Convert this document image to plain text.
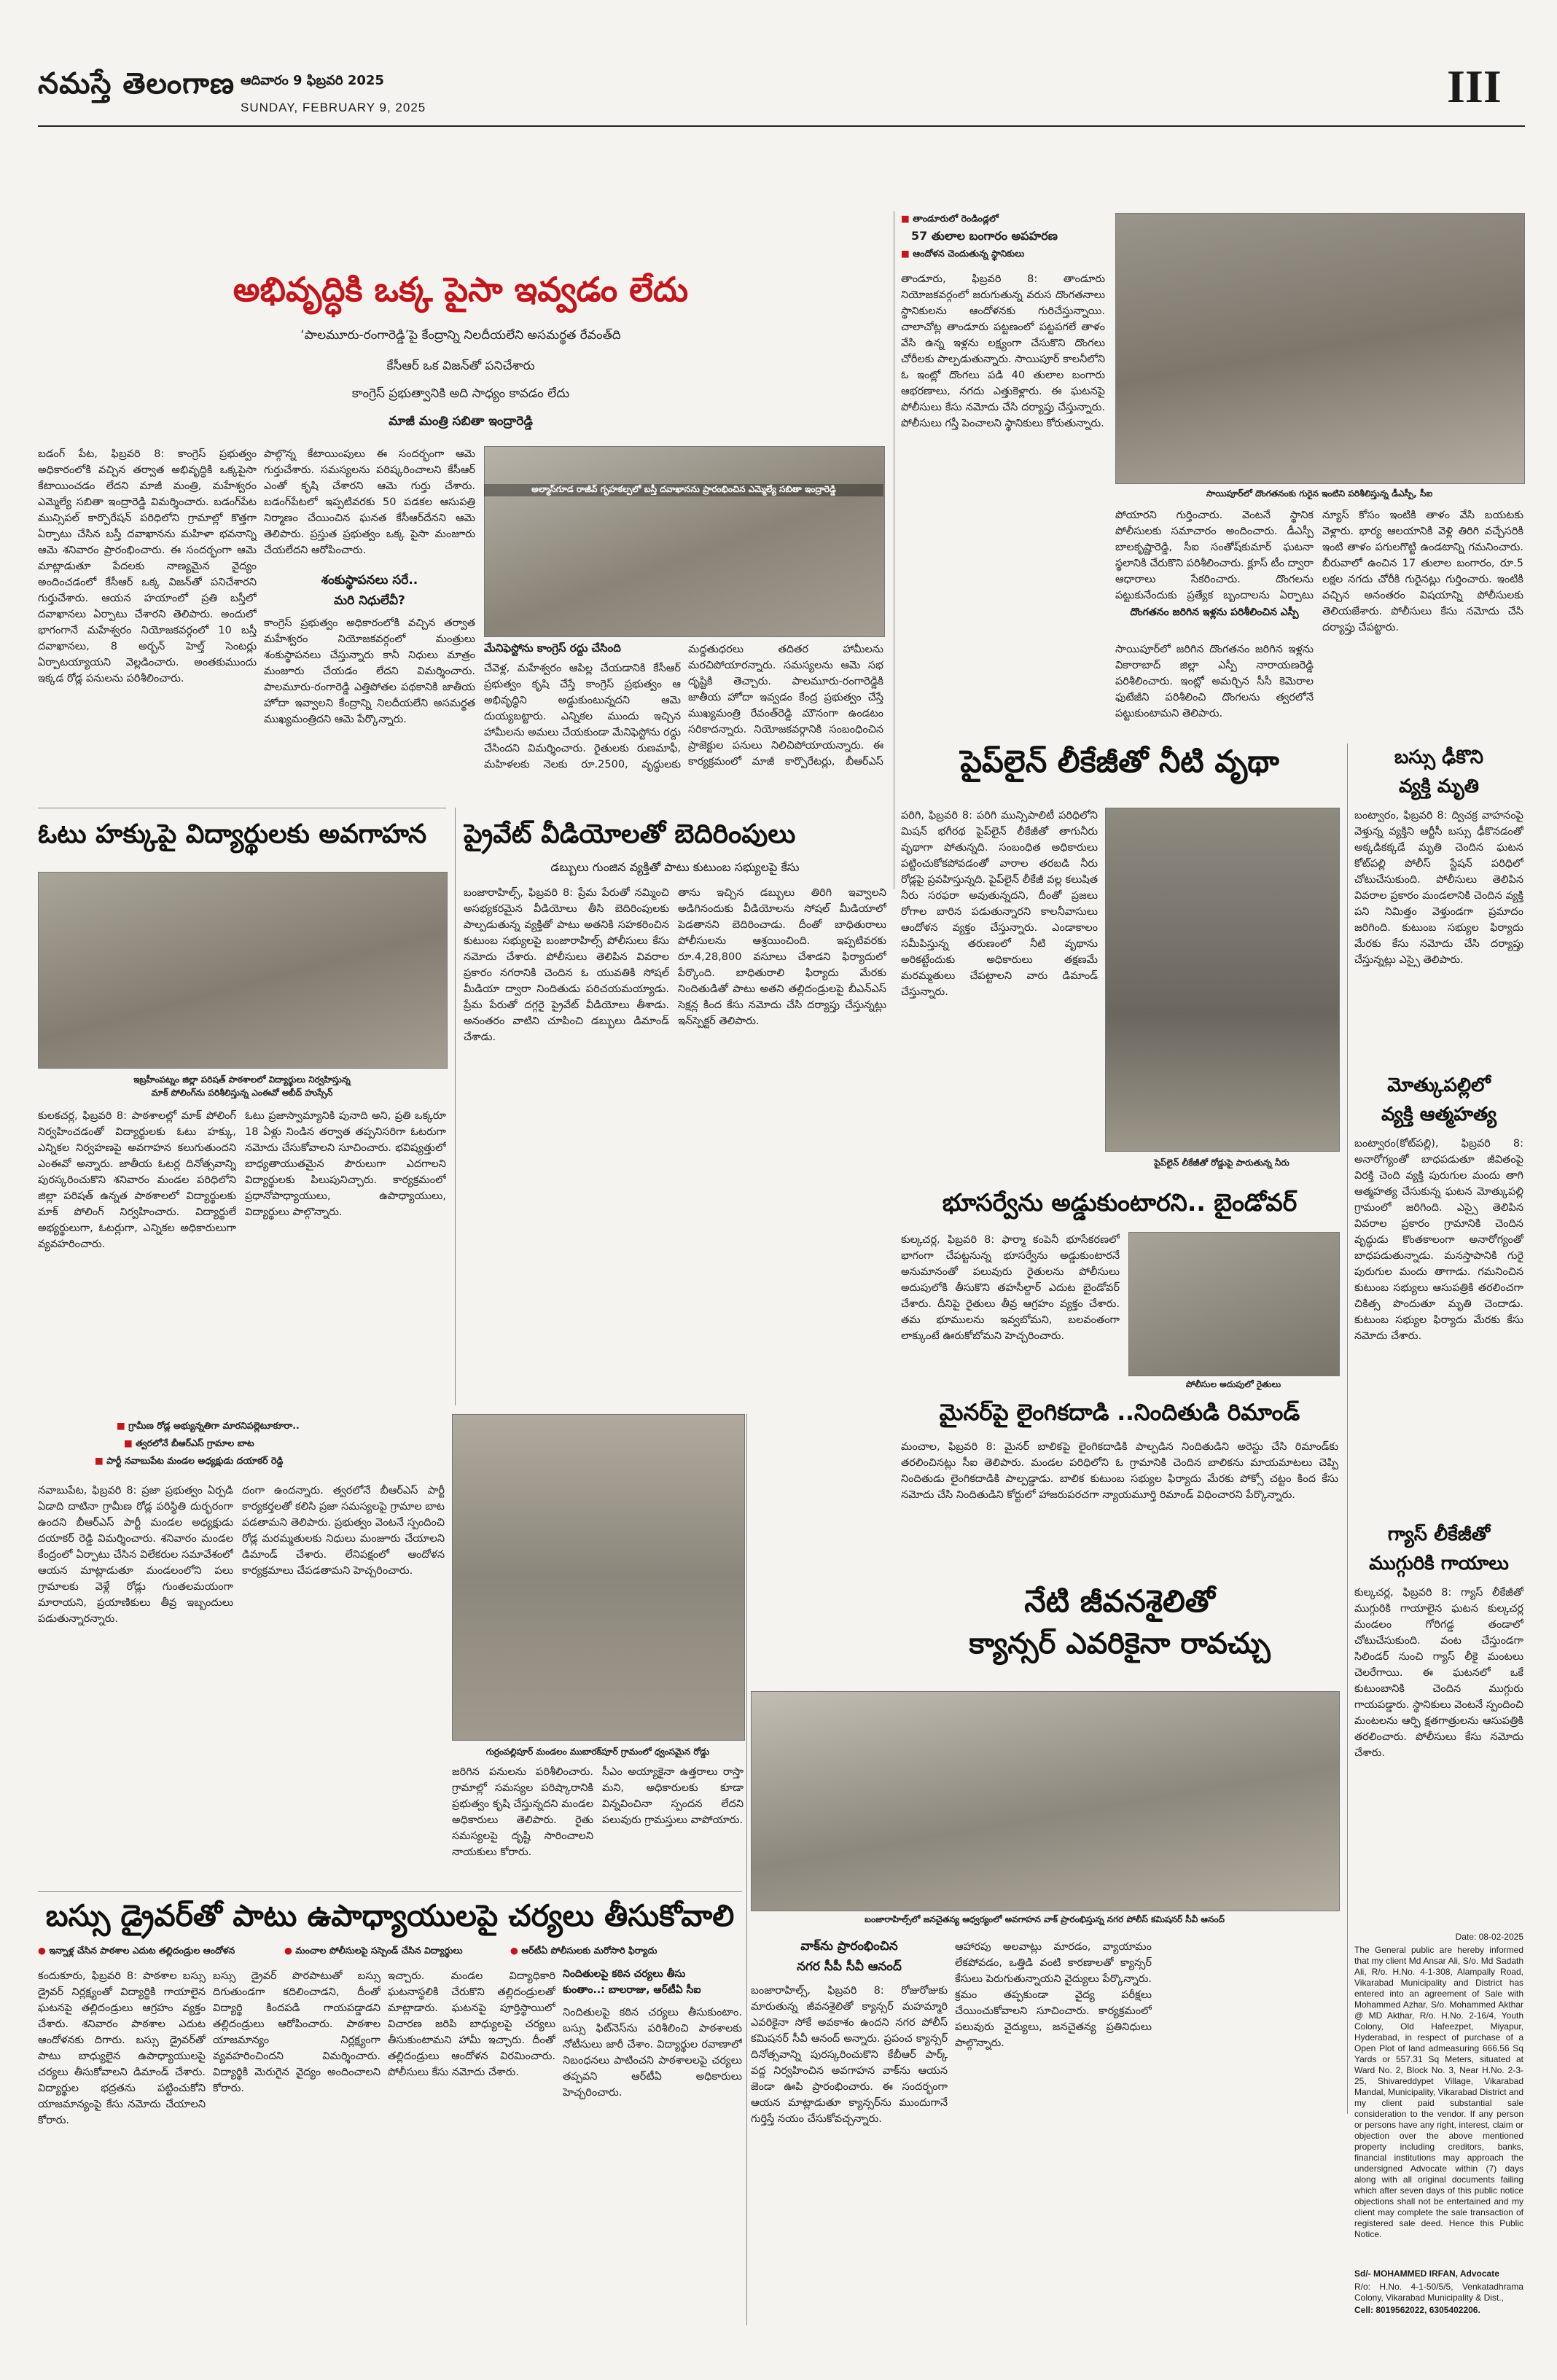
నమస్తే తెలంగాణ ఆదివారం 9 ఫిబ్రవరి 2025
SUNDAY, FEBRUARY 9, 2025	III
అభివృద్ధికి ఒక్క పైసా ఇవ్వడం లేదు
‘పాలమూరు-రంగారెడ్డి’పై కేంద్రాన్ని నిలదీయలేని అసమర్థత రేవంత్‌ది
కేసీఆర్ ఒక విజన్‌తో పనిచేశారు
కాంగ్రెస్ ప్రభుత్వానికి అది సాధ్యం కావడం లేదు
మాజీ మంత్రి సబితా ఇంద్రారెడ్డి
బడంగ్ పేట, ఫిబ్రవరి 8: కాంగ్రెస్ ప్రభుత్వం అధికారంలోకి వచ్చిన తర్వాత అభివృద్ధికి ఒక్కపైసా కేటాయించడం లేదని మాజీ మంత్రి, మహేశ్వరం ఎమ్మెల్యే సబితా ఇంద్రారెడ్డి విమర్శించారు. బడంగ్‌పేట మున్సిపల్ కార్పొరేషన్ పరిధిలోని గ్రామాల్లో కొత్తగా ఏర్పాటు చేసిన బస్తీ దవాఖానను మహిళా భవనాన్ని ఆమె శనివారం ప్రారంభించారు. ఈ సందర్భంగా ఆమె మాట్లాడుతూ పేదలకు నాణ్యమైన వైద్యం అందించడంలో కేసీఆర్ ఒక్క విజన్‌తో పనిచేశారని గుర్తుచేశారు. ఆయన హయాంలో ప్రతి బస్తీలో దవాఖానలు ఏర్పాటు చేశారని తెలిపారు. అందులో భాగంగానే మహేశ్వరం నియోజకవర్గంలో 10 బస్తీ దవాఖానలు, 8 అర్బన్ హెల్త్ సెంటర్లు ఏర్పాటయ్యాయని వెల్లడించారు. అంతకుముందు ఇక్కడ రోడ్ల పనులను పరిశీలించారు.
పాల్గొన్న కేటాయింపులు ఈ సందర్భంగా ఆమె గుర్తుచేశారు. సమస్యలను పరిష్కరించాలని కేసీఆర్ ఎంతో కృషి చేశారని ఆమె గుర్తు చేశారు. బడంగ్‌పేటలో ఇప్పటివరకు 50 పడకల ఆసుపత్రి నిర్మాణం చేయించిన ఘనత కేసీఆర్‌దేనని ఆమె తెలిపారు. ప్రస్తుత ప్రభుత్వం ఒక్క పైసా మంజూరు చేయలేదని ఆరోపించారు.
శంకుస్థాపనలు సరే..
మరి నిధులేవీ?
కాంగ్రెస్ ప్రభుత్వం అధికారంలోకి వచ్చిన తర్వాత మహేశ్వరం నియోజకవర్గంలో మంత్రులు శంకుస్థాపనలు చేస్తున్నారు కానీ నిధులు మాత్రం మంజూరు చేయడం లేదని విమర్శించారు. పాలమూరు-రంగారెడ్డి ఎత్తిపోతల పథకానికి జాతీయ హోదా ఇవ్వాలని కేంద్రాన్ని నిలదీయలేని అసమర్థత ముఖ్యమంత్రిదని ఆమె పేర్కొన్నారు.
అల్మాస్‌గూడ రాజీవ్ గృహకల్పలో బస్తీ దవాఖానను ప్రారంభించిన ఎమ్మెల్యే సబితా ఇంద్రారెడ్డి
మేనిఫెస్టోను కాంగ్రెస్ రద్దు చేసింది
చేవెళ్ల, మహేశ్వరం ఆపిల్ల చేయడానికి కేసీఆర్ ప్రభుత్వం కృషి చేస్తే కాంగ్రెస్ ప్రభుత్వం ఆ అభివృద్ధిని అడ్డుకుంటున్నదని ఆమె దుయ్యబట్టారు. ఎన్నికల ముందు ఇచ్చిన హామీలను అమలు చేయకుండా మేనిఫెస్టోను రద్దు చేసిందని విమర్శించారు. రైతులకు రుణమాఫీ, మహిళలకు నెలకు రూ.2500, వృద్ధులకు
మద్దతుధరలు తదితర హామీలను మరచిపోయారన్నారు. సమస్యలను ఆమె సభ దృష్టికి తెచ్చారు. పాలమూరు-రంగారెడ్డికి జాతీయ హోదా ఇవ్వడం కేంద్ర ప్రభుత్వం చేస్తే ముఖ్యమంత్రి రేవంత్‌రెడ్డి మౌనంగా ఉండటం సరికాదన్నారు. నియోజకవర్గానికి సంబంధించిన ప్రాజెక్టుల పనులు నిలిచిపోయాయన్నారు. ఈ కార్యక్రమంలో మాజీ కార్పొరేటర్లు, బీఆర్ఎస్
■ తాండూరులో రెండిండ్లలో
57 తులాల బంగారం అపహరణ
■ ఆందోళన చెందుతున్న స్థానికులు
తాండూరు, ఫిబ్రవరి 8: తాండూరు నియోజకవర్గంలో జరుగుతున్న వరుస దొంగతనాలు స్థానికులను ఆందోళనకు గురిచేస్తున్నాయి. చాలాచోట్ల తాండూరు పట్టణంలో పట్టపగలే తాళం వేసి ఉన్న ఇళ్లను లక్ష్యంగా చేసుకొని దొంగలు చోరీలకు పాల్పడుతున్నారు. సాయిపూర్ కాలనీలోని ఓ ఇంట్లో దొంగలు పడి 40 తులాల బంగారు ఆభరణాలు, నగదు ఎత్తుకెళ్లారు. ఈ ఘటనపై పోలీసులు కేసు నమోదు చేసి దర్యాప్తు చేస్తున్నారు. పోలీసులు గస్తీ పెంచాలని స్థానికులు కోరుతున్నారు.
సాయిపూర్‌లో దొంగతనంకు గురైన ఇంటిని పరిశీలిస్తున్న డీఎస్పీ, సీఐ
పోయారని గుర్తించారు. వెంటనే స్థానిక పోలీసులకు సమాచారం అందించారు. డీఎస్పీ బాలకృష్ణారెడ్డి, సీఐ సంతోష్‌కుమార్ ఘటనా స్థలానికి చేరుకొని పరిశీలించారు. క్లూస్ టీం ద్వారా ఆధారాలు సేకరించారు. దొంగలను పట్టుకునేందుకు ప్రత్యేక బృందాలను ఏర్పాటు
దొంగతనం జరిగిన ఇళ్లను పరిశీలించిన ఎస్పీ
సాయిపూర్‌లో జరిగిన దొంగతనం జరిగిన ఇళ్లను వికారాబాద్ జిల్లా ఎస్పీ నారాయణరెడ్డి పరిశీలించారు. ఇంట్లో అమర్చిన సీసీ కెమెరాల ఫుటేజీని పరిశీలించి దొంగలను త్వరలోనే పట్టుకుంటామని తెలిపారు.
న్యూస్ కోసం ఇంటికి తాళం వేసి బయటకు వెళ్లారు. భార్య ఆలయానికి వెళ్లి తిరిగి వచ్చేసరికి ఇంటి తాళం పగులగొట్టి ఉండటాన్ని గమనించారు. బీరువాలో ఉంచిన 17 తులాల బంగారం, రూ.5 లక్షల నగదు చోరీకి గురైనట్లు గుర్తించారు. ఇంటికి వచ్చిన అనంతరం విషయాన్ని పోలీసులకు తెలియజేశారు. పోలీసులు కేసు నమోదు చేసి దర్యాప్తు చేపట్టారు.
పైప్‌లైన్ లీకేజీతో నీటి వృథా
పరిగి, ఫిబ్రవరి 8: పరిగి మున్సిపాలిటీ పరిధిలోని మిషన్ భగీరథ పైప్‌లైన్ లీకేజీతో తాగునీరు వృథాగా పోతున్నది. సంబంధిత అధికారులు పట్టించుకోకపోవడంతో వారాల తరబడి నీరు రోడ్లపై ప్రవహిస్తున్నది. పైప్‌లైన్ లీకేజీ వల్ల కలుషిత నీరు సరఫరా అవుతున్నదని, దీంతో ప్రజలు రోగాల బారిన పడుతున్నారని కాలనీవాసులు ఆందోళన వ్యక్తం చేస్తున్నారు. ఎండాకాలం సమీపిస్తున్న తరుణంలో నీటి వృథాను అరికట్టేందుకు అధికారులు తక్షణమే మరమ్మతులు చేపట్టాలని వారు డిమాండ్ చేస్తున్నారు.
పైప్‌లైన్ లీకేజీతో రోడ్డుపై పారుతున్న నీరు
బస్సు ఢీకొని
వ్యక్తి మృతి
బంట్వారం, ఫిబ్రవరి 8: ద్విచక్ర వాహనంపై వెళ్తున్న వ్యక్తిని ఆర్టీసీ బస్సు ఢీకొనడంతో అక్కడికక్కడే మృతి చెందిన ఘటన కోట్‌పల్లి పోలీస్ స్టేషన్ పరిధిలో చోటుచేసుకుంది. పోలీసులు తెలిపిన వివరాల ప్రకారం మండలానికి చెందిన వ్యక్తి పని నిమిత్తం వెళ్తుండగా ప్రమాదం జరిగింది. కుటుంబ సభ్యుల ఫిర్యాదు మేరకు కేసు నమోదు చేసి దర్యాప్తు చేస్తున్నట్లు ఎస్సై తెలిపారు.
మోత్కుపల్లిలో
వ్యక్తి ఆత్మహత్య
బంట్వారం(కోట్‌పల్లి), ఫిబ్రవరి 8: అనారోగ్యంతో బాధపడుతూ జీవితంపై విరక్తి చెంది వ్యక్తి పురుగుల మందు తాగి ఆత్మహత్య చేసుకున్న ఘటన మోత్కుపల్లి గ్రామంలో జరిగింది. ఎస్సై తెలిపిన వివరాల ప్రకారం గ్రామానికి చెందిన వృద్ధుడు కొంతకాలంగా అనారోగ్యంతో బాధపడుతున్నాడు. మనస్తాపానికి గురై పురుగుల మందు తాగాడు. గమనించిన కుటుంబ సభ్యులు ఆసుపత్రికి తరలించగా చికిత్స పొందుతూ మృతి చెందాడు. కుటుంబ సభ్యుల ఫిర్యాదు మేరకు కేసు నమోదు చేశారు.
గ్యాస్ లీకేజీతో
ముగ్గురికి గాయాలు
కుల్కచర్ల, ఫిబ్రవరి 8: గ్యాస్ లీకేజీతో ముగ్గురికి గాయాలైన ఘటన కుల్కచర్ల మండలం గోరిగడ్డ తండాలో చోటుచేసుకుంది. వంట చేస్తుండగా సిలిండర్ నుంచి గ్యాస్ లీకై మంటలు చెలరేగాయి. ఈ ఘటనలో ఒకే కుటుంబానికి చెందిన ముగ్గురు గాయపడ్డారు. స్థానికులు వెంటనే స్పందించి మంటలను ఆర్పి క్షతగాత్రులను ఆసుపత్రికి తరలించారు. పోలీసులు కేసు నమోదు చేశారు.
భూసర్వేను అడ్డుకుంటారని.. బైండోవర్
కుల్కచర్ల, ఫిబ్రవరి 8: ఫార్మా కంపెనీ భూసేకరణలో భాగంగా చేపట్టనున్న భూసర్వేను అడ్డుకుంటారనే అనుమానంతో పలువురు రైతులను పోలీసులు అదుపులోకి తీసుకొని తహసీల్దార్ ఎదుట బైండోవర్ చేశారు. దీనిపై రైతులు తీవ్ర ఆగ్రహం వ్యక్తం చేశారు. తమ భూములను ఇవ్వబోమని, బలవంతంగా లాక్కుంటే ఊరుకోబోమని హెచ్చరించారు.
పోలీసుల అదుపులో రైతులు
మైనర్‌పై లైంగికదాడి ..నిందితుడి రిమాండ్
మంచాల, ఫిబ్రవరి 8: మైనర్ బాలికపై లైంగికదాడికి పాల్పడిన నిందితుడిని అరెస్టు చేసి రిమాండ్‌కు తరలించినట్లు సీఐ తెలిపారు. మండల పరిధిలోని ఓ గ్రామానికి చెందిన బాలికను మాయమాటలు చెప్పి నిందితుడు లైంగికదాడికి పాల్పడ్డాడు. బాలిక కుటుంబ సభ్యుల ఫిర్యాదు మేరకు పోక్సో చట్టం కింద కేసు నమోదు చేసి నిందితుడిని కోర్టులో హాజరుపరచగా న్యాయమూర్తి రిమాండ్ విధించారని పేర్కొన్నారు.
నేటి జీవనశైలితో
క్యాన్సర్ ఎవరికైనా రావచ్చు
బంజారాహిల్స్‌లో జనచైతన్య ఆధ్వర్యంలో అవగాహన వాక్ ప్రారంభిస్తున్న నగర పోలీస్ కమిషనర్ సీవీ ఆనంద్
వాక్‌ను ప్రారంభించిన
నగర సీపీ సీవీ ఆనంద్
బంజారాహిల్స్, ఫిబ్రవరి 8: రోజురోజుకు మారుతున్న జీవనశైలితో క్యాన్సర్ మహమ్మారి ఎవరికైనా సోకే అవకాశం ఉందని నగర పోలీస్ కమిషనర్ సీవీ ఆనంద్ అన్నారు. ప్రపంచ క్యాన్సర్ దినోత్సవాన్ని పురస్కరించుకొని కేబీఆర్ పార్క్ వద్ద నిర్వహించిన అవగాహన వాక్‌ను ఆయన జెండా ఊపి ప్రారంభించారు. ఈ సందర్భంగా ఆయన మాట్లాడుతూ క్యాన్సర్‌ను ముందుగానే గుర్తిస్తే నయం చేసుకోవచ్చన్నారు.
ఆహారపు అలవాట్లు మారడం, వ్యాయామం లేకపోవడం, ఒత్తిడి వంటి కారణాలతో క్యాన్సర్ కేసులు పెరుగుతున్నాయని వైద్యులు పేర్కొన్నారు. క్రమం తప్పకుండా వైద్య పరీక్షలు చేయించుకోవాలని సూచించారు. కార్యక్రమంలో పలువురు వైద్యులు, జనచైతన్య ప్రతినిధులు పాల్గొన్నారు.
Date: 08-02-2025
The General public are hereby informed that my client Md Ansar Ali, S/o. Md Sadath Ali, R/o. H.No. 4-1-308, Alampally Road, Vikarabad Municipality and District has entered into an agreement of Sale with Mohammed Azhar, S/o. Mohammed Akthar @ MD Akthar, R/o. H.No. 2-16/4, Youth Colony, Old Hafeezpet, Miyapur, Hyderabad, in respect of purchase of a Open Plot of land admeasuring 666.56 Sq Yards or 557.31 Sq Meters, situated at Ward No. 2, Block No. 3, Near H.No. 2-3-25, Shivareddypet Village, Vikarabad Mandal, Municipality, Vikarabad District and my client paid substantial sale consideration to the vendor. If any person or persons have any right, interest, claim or objection over the above mentioned property including creditors, banks, financial institutions may approach the undersigned Advocate within (7) days along with all original documents failing which after seven days of this public notice objections shall not be entertained and my client may complete the sale transaction of registered sale deed. Hence this Public Notice.
Sd/- MOHAMMED IRFAN, Advocate
R/o: H.No. 4-1-50/5/5, Venkatadhrama Colony, Vikarabad Municipality & Dist.,
Cell: 8019562022, 6305402206.
ఓటు హక్కుపై విద్యార్థులకు అవగాహన
ఇబ్రహీంపట్నం జిల్లా పరిషత్ పాఠశాలలో విద్యార్థులు నిర్వహిస్తున్న
మాక్ పోలింగ్‌ను పరిశీలిస్తున్న ఎంఈవో అబీద్ హుస్సేన్
కులకచర్ల, ఫిబ్రవరి 8: పాఠశాలల్లో మాక్ పోలింగ్ నిర్వహించడంతో విద్యార్థులకు ఓటు హక్కు, ఎన్నికల నిర్వహణపై అవగాహన కలుగుతుందని ఎంఈవో అన్నారు. జాతీయ ఓటర్ల దినోత్సవాన్ని పురస్కరించుకొని శనివారం మండల పరిధిలోని జిల్లా పరిషత్ ఉన్నత పాఠశాలలో విద్యార్థులకు మాక్ పోలింగ్ నిర్వహించారు. విద్యార్థులే అభ్యర్థులుగా, ఓటర్లుగా, ఎన్నికల అధికారులుగా వ్యవహరించారు.
ఓటు ప్రజాస్వామ్యానికి పునాది అని, ప్రతి ఒక్కరూ 18 ఏళ్లు నిండిన తర్వాత తప్పనిసరిగా ఓటరుగా నమోదు చేసుకోవాలని సూచించారు. భవిష్యత్తులో బాధ్యతాయుతమైన పౌరులుగా ఎదగాలని విద్యార్థులకు పిలుపునిచ్చారు. కార్యక్రమంలో ప్రధానోపాధ్యాయులు, ఉపాధ్యాయులు, విద్యార్థులు పాల్గొన్నారు.
ప్రైవేట్ వీడియోలతో బెదిరింపులు
డబ్బులు గుంజిన వ్యక్తితో పాటు కుటుంబ సభ్యులపై కేసు
బంజారాహిల్స్, ఫిబ్రవరి 8: ప్రేమ పేరుతో నమ్మించి అసభ్యకరమైన వీడియోలు తీసి బెదిరింపులకు పాల్పడుతున్న వ్యక్తితో పాటు అతనికి సహకరించిన కుటుంబ సభ్యులపై బంజారాహిల్స్ పోలీసులు కేసు నమోదు చేశారు. పోలీసులు తెలిపిన వివరాల ప్రకారం నగరానికి చెందిన ఓ యువతికి సోషల్ మీడియా ద్వారా నిందితుడు పరిచయమయ్యాడు. ప్రేమ పేరుతో దగ్గరై ప్రైవేట్ వీడియోలు తీశాడు. అనంతరం వాటిని చూపించి డబ్బులు డిమాండ్ చేశాడు.
తాను ఇచ్చిన డబ్బులు తిరిగి ఇవ్వాలని అడిగినందుకు వీడియోలను సోషల్ మీడియాలో పెడతానని బెదిరించాడు. దీంతో బాధితురాలు పోలీసులను ఆశ్రయించింది. ఇప్పటివరకు రూ.4,28,800 వసూలు చేశాడని ఫిర్యాదులో పేర్కొంది. బాధితురాలి ఫిర్యాదు మేరకు నిందితుడితో పాటు అతని తల్లిదండ్రులపై బీఎన్ఎస్ సెక్షన్ల కింద కేసు నమోదు చేసి దర్యాప్తు చేస్తున్నట్లు ఇన్‌స్పెక్టర్ తెలిపారు.
■ గ్రామీణ రోడ్ల అభ్యున్నతిగా మారనిపల్లెటూకూరా..
■ త్వరలోనే బీఆర్ఎస్ గ్రామాల బాట
■ పార్టీ నవాబుపేట మండల అధ్యక్షుడు దయాకర్ రెడ్డి
నవాబుపేట, ఫిబ్రవరి 8: ప్రజా ప్రభుత్వం ఏర్పడి ఏడాది దాటినా గ్రామీణ రోడ్ల పరిస్థితి దుర్భరంగా ఉందని బీఆర్ఎస్ పార్టీ మండల అధ్యక్షుడు దయాకర్ రెడ్డి విమర్శించారు. శనివారం మండల కేంద్రంలో ఏర్పాటు చేసిన విలేకరుల సమావేశంలో ఆయన మాట్లాడుతూ మండలంలోని పలు గ్రామాలకు వెళ్లే రోడ్లు గుంతలమయంగా మారాయని, ప్రయాణికులు తీవ్ర ఇబ్బందులు పడుతున్నారన్నారు.
దంగా ఉందన్నారు. త్వరలోనే బీఆర్ఎస్ పార్టీ కార్యకర్తలతో కలిసి ప్రజా సమస్యలపై గ్రామాల బాట పడతామని తెలిపారు. ప్రభుత్వం వెంటనే స్పందించి రోడ్ల మరమ్మతులకు నిధులు మంజూరు చేయాలని డిమాండ్ చేశారు. లేనిపక్షంలో ఆందోళన కార్యక్రమాలు చేపడతామని హెచ్చరించారు.
గుర్రంపల్లిపూర్ మండలం ముబారక్‌పూర్ గ్రామంలో ధ్వంసమైన రోడ్డు
జరిగిన పనులను పరిశీలించారు. గ్రామాల్లో సమస్యల పరిష్కారానికి ప్రభుత్వం కృషి చేస్తున్నదని మండల అధికారులు తెలిపారు. రైతు సమస్యలపై దృష్టి సారించాలని నాయకులు కోరారు.
సీఎం అయ్యాకైనా ఉత్తరాలు రాస్తా మని, అధికారులకు కూడా విన్నవించినా స్పందన లేదని పలువురు గ్రామస్తులు వాపోయారు.
బస్సు డ్రైవర్‌తో పాటు ఉపాధ్యాయులపై చర్యలు తీసుకోవాలి
● ఇన్నాళ్ల చేసిన పాఠశాల ఎదుట తల్లిదండ్రుల ఆందోళన	● మంచాల పోలీసులపై సస్పెండ్ చేసిన విద్యార్థులు	● ఆర్‌టీఏ పోలీసులకు మరోసారి ఫిర్యాదు
కందుకూరు, ఫిబ్రవరి 8: పాఠశాల బస్సు డ్రైవర్ నిర్లక్ష్యంతో విద్యార్థికి గాయాలైన ఘటనపై తల్లిదండ్రులు ఆగ్రహం వ్యక్తం చేశారు. శనివారం పాఠశాల ఎదుట ఆందోళనకు దిగారు. బస్సు డ్రైవర్‌తో పాటు బాధ్యులైన ఉపాధ్యాయులపై చర్యలు తీసుకోవాలని డిమాండ్ చేశారు. విద్యార్థుల భద్రతను పట్టించుకోని యాజమాన్యంపై కేసు నమోదు చేయాలని కోరారు.
బస్సు డ్రైవర్ పొరపాటుతో బస్సు దిగుతుండగా కదిలించాడని, దీంతో విద్యార్థి కిందపడి గాయపడ్డాడని తల్లిదండ్రులు ఆరోపించారు. పాఠశాల యాజమాన్యం నిర్లక్ష్యంగా వ్యవహరించిందని విమర్శించారు. విద్యార్థికి మెరుగైన వైద్యం అందించాలని కోరారు.
ఇచ్చారు. మండల విద్యాధికారి ఘటనాస్థలికి చేరుకొని తల్లిదండ్రులతో మాట్లాడారు. ఘటనపై పూర్తిస్థాయిలో విచారణ జరిపి బాధ్యులపై చర్యలు తీసుకుంటామని హామీ ఇచ్చారు. దీంతో తల్లిదండ్రులు ఆందోళన విరమించారు. పోలీసులు కేసు నమోదు చేశారు.
నిందితులపై కఠిన చర్యలు తీసు
కుంతాం..: బాలరాజు, ఆర్‌టీఏ సీఐ
నిందితులపై కఠిన చర్యలు తీసుకుంటాం. బస్సు ఫిట్‌నెస్‌ను పరిశీలించి పాఠశాలకు నోటీసులు జారీ చేశాం. విద్యార్థుల రవాణాలో నిబంధనలు పాటించని పాఠశాలలపై చర్యలు తప్పవని ఆర్‌టీఏ అధికారులు హెచ్చరించారు.
